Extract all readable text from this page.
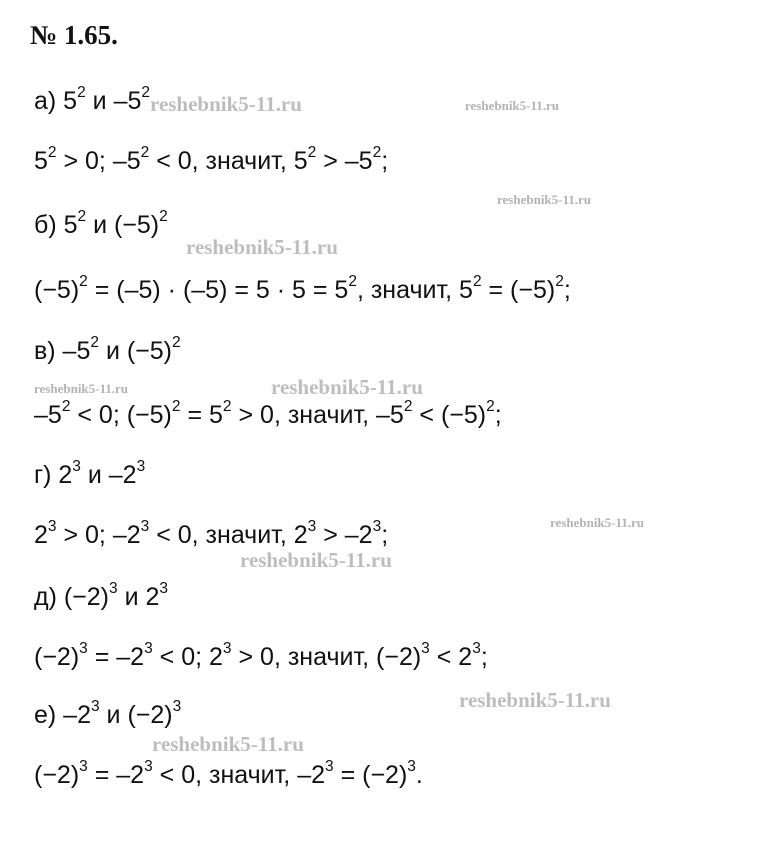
№ 1.65.

а) $5^2$ и $-5^2$

$5^2 > 0$; $-5^2 < 0$, значит, $5^2 > -5^2$;

б) $5^2$ и $(-5)^2$

$(-5)^2 = (-5) \cdot (-5) = 5 \cdot 5 = 5^2$, значит, $5^2 = (-5)^2$;

в) $-5^2$ и $(-5)^2$

$-5^2 < 0$; $(-5)^2 = 5^2 > 0$, значит, $-5^2 < (-5)^2$;

г) $2^3$ и $-2^3$

$2^3 > 0$; $-2^3 < 0$, значит, $2^3 > -2^3$;

д) $(-2)^3$ и $2^3$

$(-2)^3 = -2^3 < 0$; $2^3 > 0$, значит, $(-2)^3 < 2^3$;

е) $-2^3$ и $(-2)^3$

$(-2)^3 = -2^3 < 0$, значит, $-2^3 = (-2)^3$.

reshebnik5-11.ru	reshebnik5-11.ru
reshebnik5-11.ru
reshebnik5-11.ru
reshebnik5-11.ru	reshebnik5-11.ru
reshebnik5-11.ru
reshebnik5-11.ru
reshebnik5-11.ru
reshebnik5-11.ru
